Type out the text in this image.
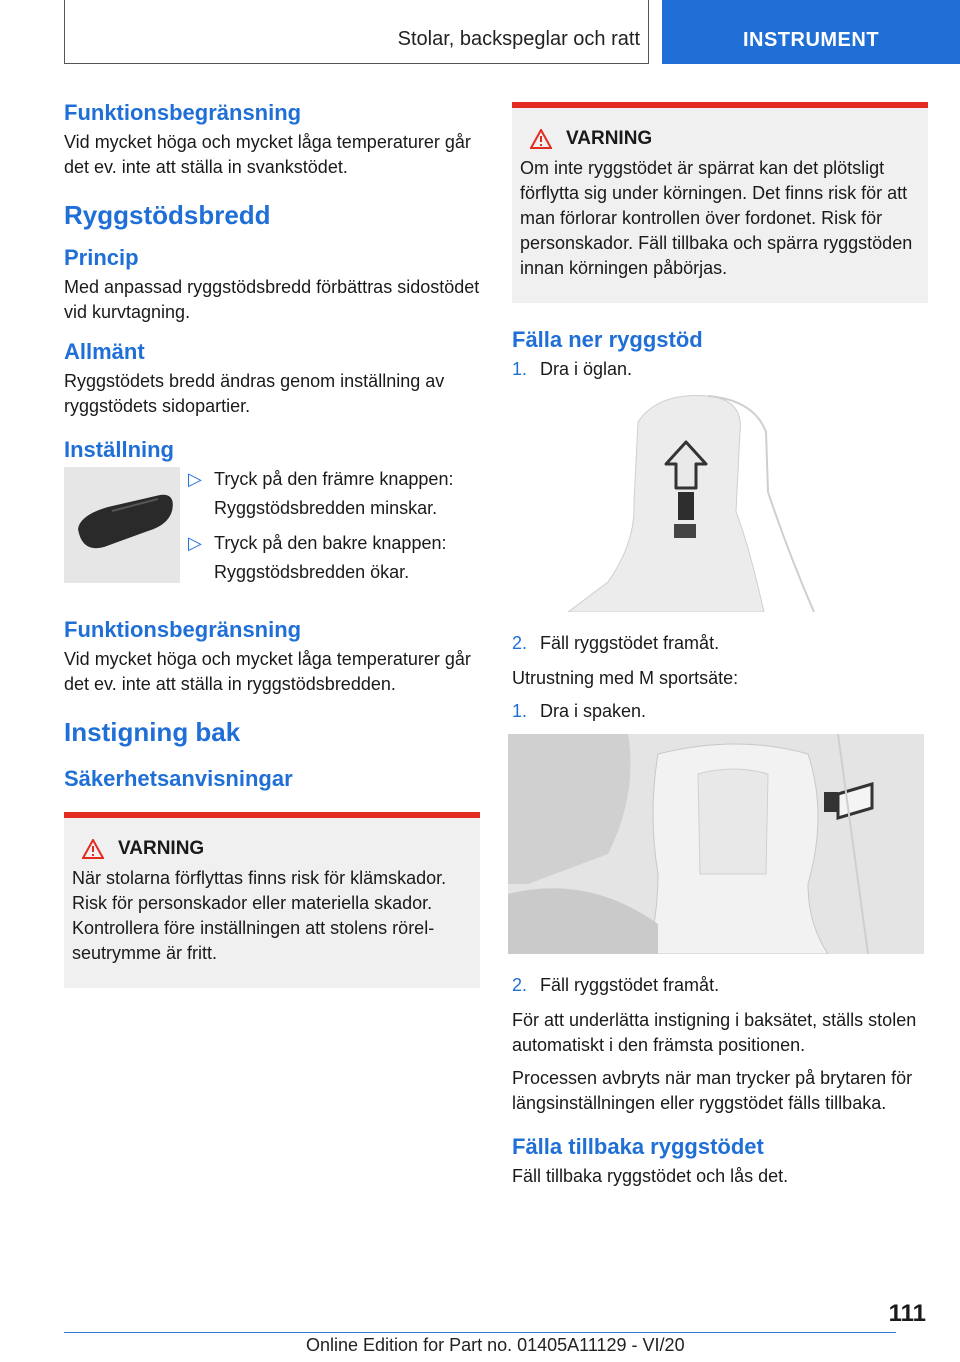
Stolar, backspeglar och ratt	INSTRUMENT
Funktionsbegränsning
Vid mycket höga och mycket låga temperaturer går det ev. inte att ställa in svankstödet.
Ryggstödsbredd
Princip
Med anpassad ryggstödsbredd förbättras sidostödet vid kurvtagning.
Allmänt
Ryggstödets bredd ändras genom inställning av ryggstödets sidopartier.
Inställning
▷ Tryck på den främre knappen:
Ryggstödsbredden minskar.
▷ Tryck på den bakre knappen:
Ryggstödsbredden ökar.
Funktionsbegränsning
Vid mycket höga och mycket låga temperaturer går det ev. inte att ställa in ryggstödsbredden.
Instigning bak
Säkerhetsanvisningar
VARNING
När stolarna förflyttas finns risk för klämskador. Risk för personskador eller materiella skador. Kontrollera före inställningen att stolens rörelseutrymme är fritt.
VARNING
Om inte ryggstödet är spärrat kan det plötsligt förflytta sig under körningen. Det finns risk för att man förlorar kontrollen över fordonet. Risk för personskador. Fäll tillbaka och spärra ryggstöden innan körningen påbörjas.
Fälla ner ryggstöd
1. Dra i öglan.
2. Fäll ryggstödet framåt.
Utrustning med M sportsäte:
1. Dra i spaken.
2. Fäll ryggstödet framåt.
För att underlätta instigning i baksätet, ställs stolen automatiskt i den främsta positionen.
Processen avbryts när man trycker på brytaren för längsinställningen eller ryggstödet fälls tillbaka.
Fälla tillbaka ryggstödet
Fäll tillbaka ryggstödet och lås det.
111
Online Edition for Part no. 01405A11129 - VI/20
